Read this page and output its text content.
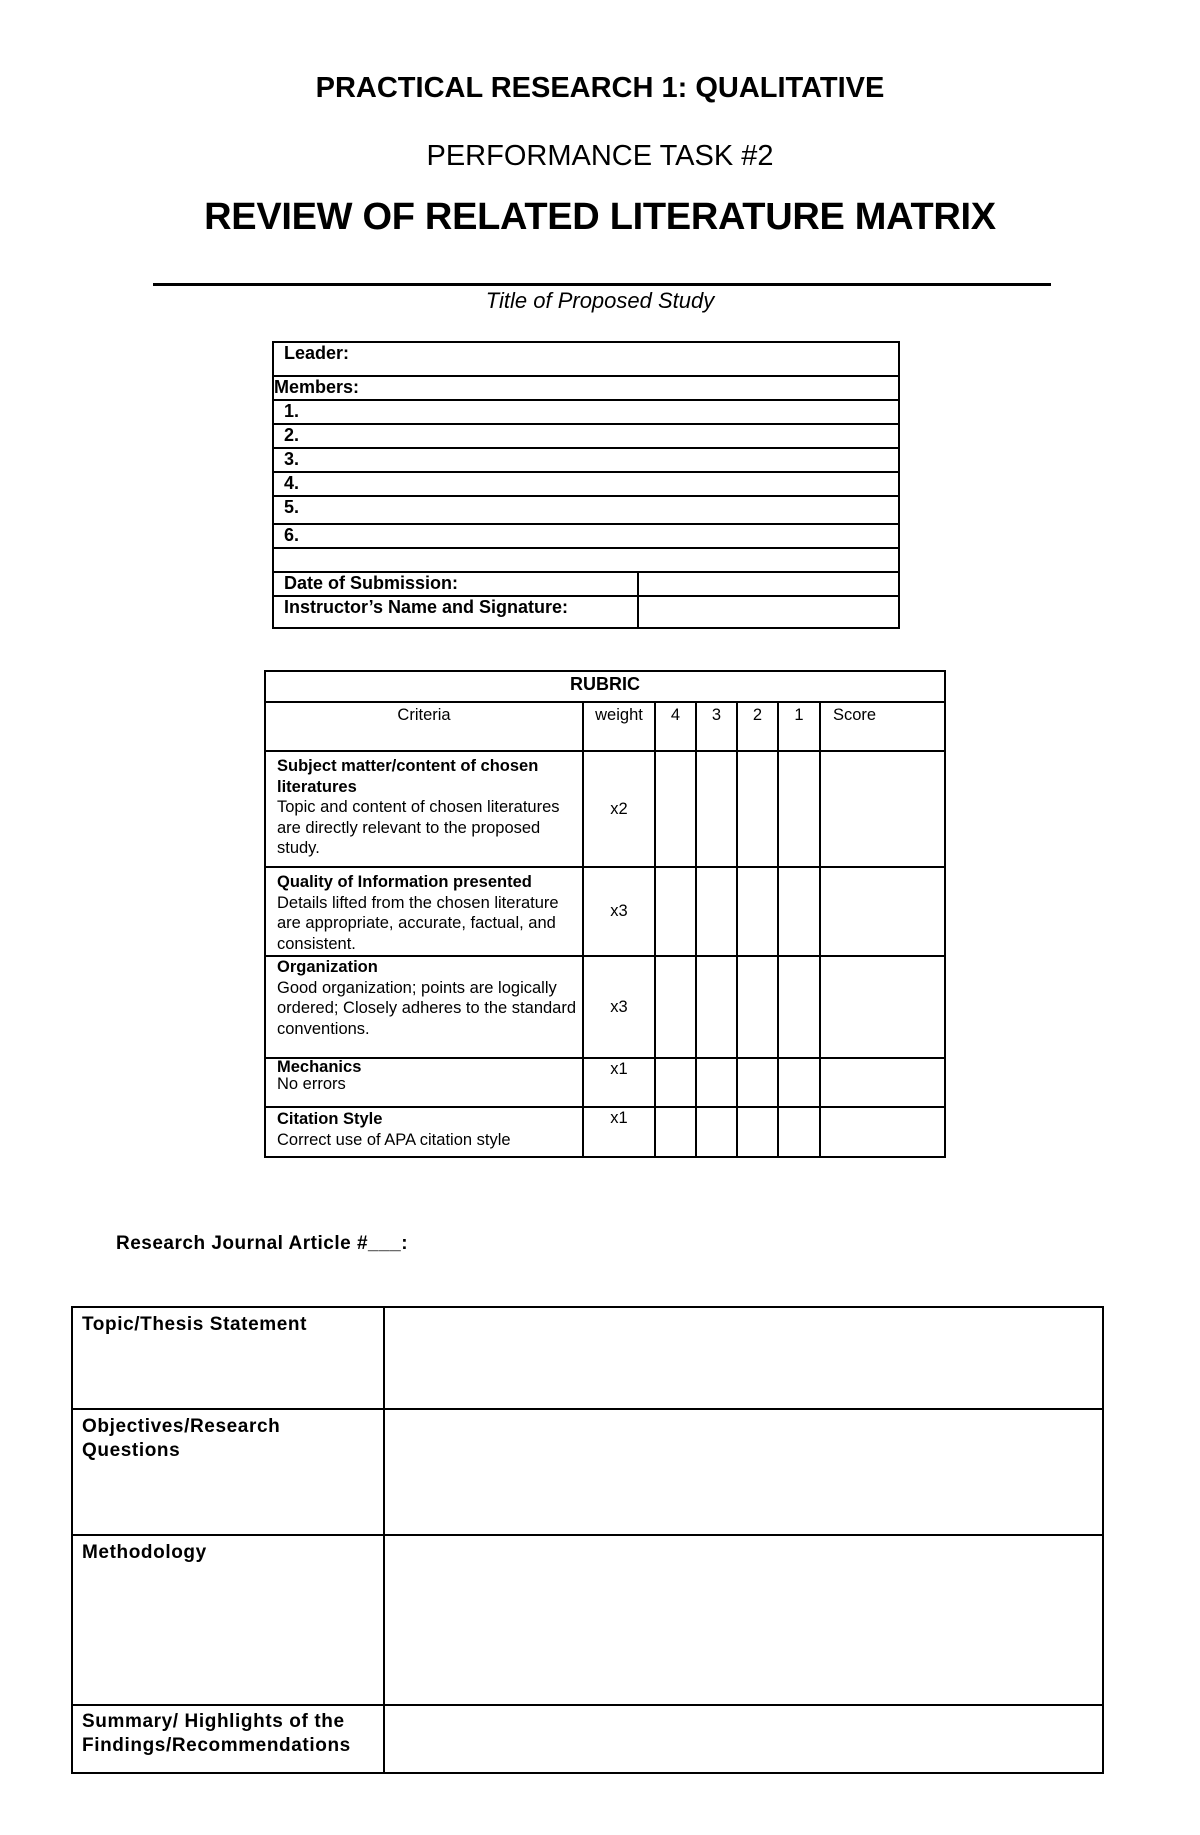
PRACTICAL RESEARCH 1: QUALITATIVE
PERFORMANCE TASK #2
REVIEW OF RELATED LITERATURE MATRIX
Title of Proposed Study
Leader:	
Members:	
1.	
2.	
3.	
4.	
5.	
6.	

Date of Submission:	
Instructor’s Name and Signature:	
RUBRIC						
Criteria	weight	4	3	2	1	Score
Subject matter/content of chosen literatures
Topic and content of chosen literatures are directly relevant to the proposed study.	x2					
Quality of Information presented
Details lifted from the chosen literature are appropriate, accurate, factual, and consistent.	x3					
Organization
Good organization; points are logically ordered; Closely adheres to the standard conventions.	x3					
Mechanics
No errors	x1					
Citation Style
Correct use of APA citation style	x1					
Research Journal Article #___:
Topic/Thesis Statement	
Objectives/Research Questions	
Methodology	
Summary/ Highlights of the Findings/Recommendations	
